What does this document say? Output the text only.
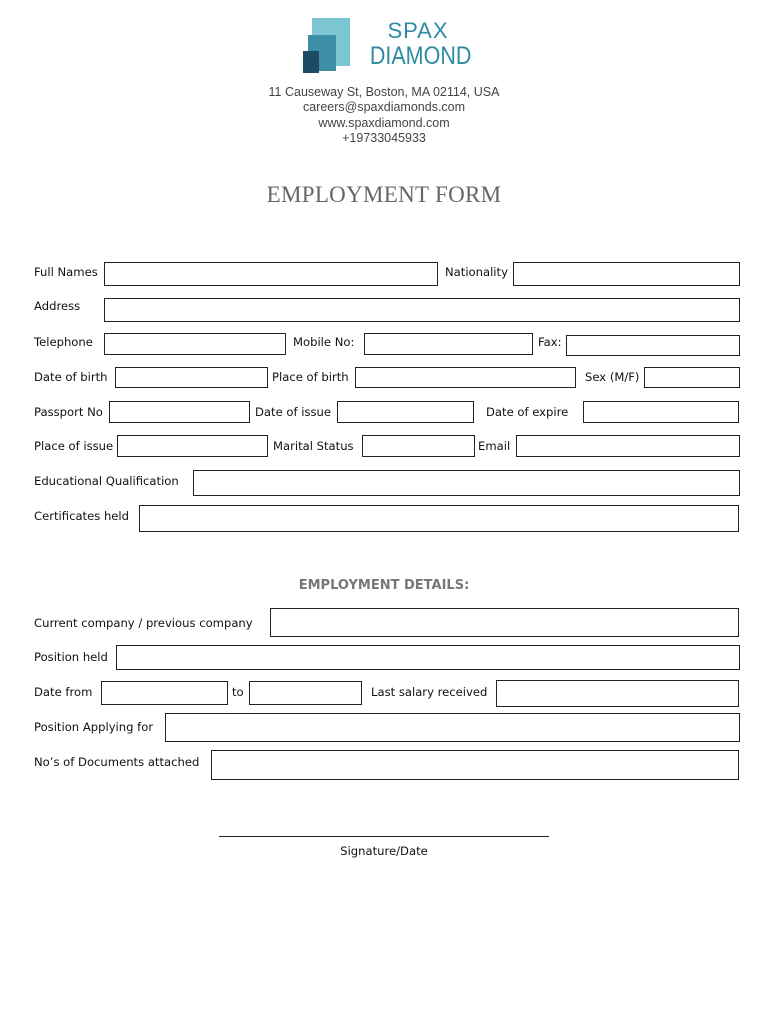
SPAX
DIAMOND
11 Causeway St, Boston, MA 02114, USA
careers@spaxdiamonds.com
www.spaxdiamond.com
+19733045933
EMPLOYMENT FORM
Full Names	Nationality
Address
Telephone	Mobile No:	Fax:
Date of birth	Place of birth	Sex (M/F)
Passport No	Date of issue	Date of expire
Place of issue	Marital Status	Email
Educational Qualification
Certificates held
EMPLOYMENT DETAILS:
Current company / previous company
Position held
Date from	to	Last salary received
Position Applying for
No’s of Documents attached
Signature/Date
